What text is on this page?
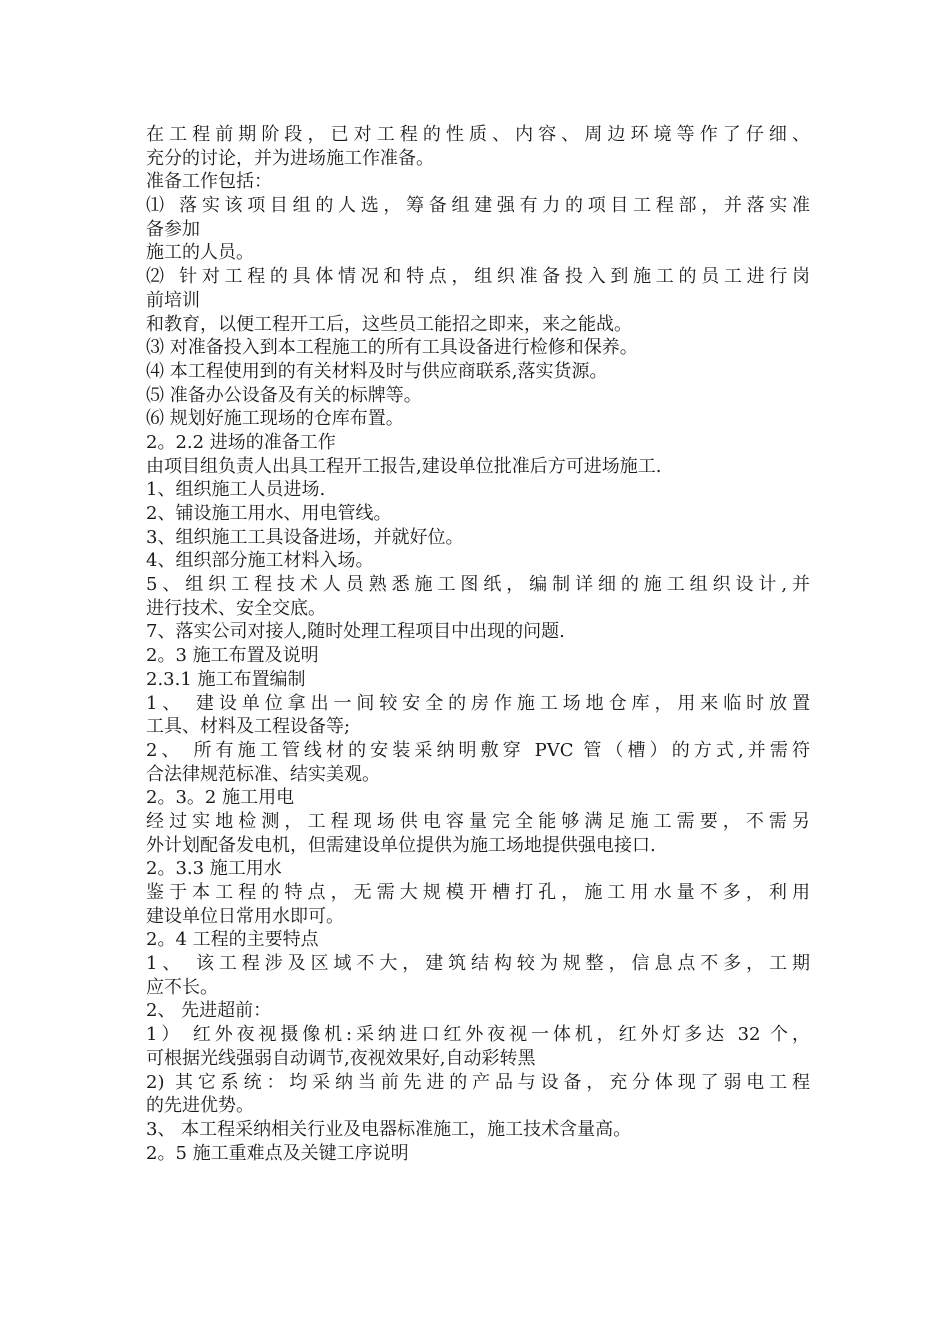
在工程前期阶段，已对工程的性质、内容、周边环境等作了仔细、
充分的讨论，并为进场施工作准备。
准备工作包括：
⑴ 落实该项目组的人选，筹备组建强有力的项目工程部，并落实准
备参加
施工的人员。
⑵ 针对工程的具体情况和特点，组织准备投入到施工的员工进行岗
前培训
和教育，以便工程开工后，这些员工能招之即来，来之能战。
⑶ 对准备投入到本工程施工的所有工具设备进行检修和保养。
⑷ 本工程使用到的有关材料及时与供应商联系,落实货源。
⑸ 准备办公设备及有关的标牌等。
⑹ 规划好施工现场的仓库布置。
2。2.2 进场的准备工作
由项目组负责人出具工程开工报告,建设单位批准后方可进场施工.
1、组织施工人员进场.
2、铺设施工用水、用电管线。
3、组织施工工具设备进场，并就好位。
4、组织部分施工材料入场。
5、组织工程技术人员熟悉施工图纸，编制详细的施工组织设计,并
进行技术、安全交底。
7、落实公司对接人,随时处理工程项目中出现的问题.
2。3 施工布置及说明
2.3.1 施工布置编制
1、 建设单位拿出一间较安全的房作施工场地仓库，用来临时放置
工具、材料及工程设备等;
2、 所有施工管线材的安装采纳明敷穿 PVC 管（槽）的方式,并需符
合法律规范标准、结实美观。
2。3。2 施工用电
经过实地检测，工程现场供电容量完全能够满足施工需要，不需另
外计划配备发电机，但需建设单位提供为施工场地提供强电接口.
2。3.3 施工用水
鉴于本工程的特点，无需大规模开槽打孔，施工用水量不多，利用
建设单位日常用水即可。
2。4 工程的主要特点
1、 该工程涉及区域不大，建筑结构较为规整，信息点不多，工期
应不长。
2、 先进超前：
1） 红外夜视摄像机:采纳进口红外夜视一体机，红外灯多达 32 个，
可根据光线强弱自动调节,夜视效果好,自动彩转黑
2) 其它系统：均采纳当前先进的产品与设备，充分体现了弱电工程
的先进优势。
3、 本工程采纳相关行业及电器标准施工，施工技术含量高。
2。5 施工重难点及关键工序说明
